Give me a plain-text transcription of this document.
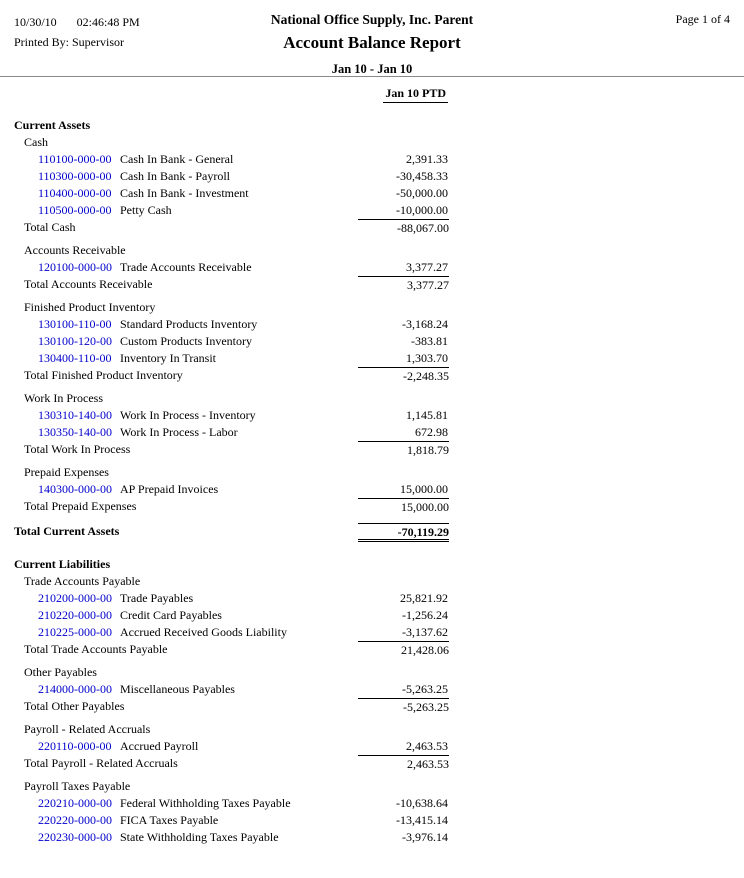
10/30/10 02:46:48 PM
Printed By: Supervisor
National Office Supply, Inc. Parent
Account Balance Report
Jan 10 - Jan 10
Page 1 of 4
Jan 10 PTD
Current Assets
Cash
110100-000-00 Cash In Bank - General	2,391.33
110300-000-00 Cash In Bank - Payroll	-30,458.33
110400-000-00 Cash In Bank - Investment	-50,000.00
110500-000-00 Petty Cash	-10,000.00
Total Cash	-88,067.00
Accounts Receivable
120100-000-00 Trade Accounts Receivable	3,377.27
Total Accounts Receivable	3,377.27
Finished Product Inventory
130100-110-00 Standard Products Inventory	-3,168.24
130100-120-00 Custom Products Inventory	-383.81
130400-110-00 Inventory In Transit	1,303.70
Total Finished Product Inventory	-2,248.35
Work In Process
130310-140-00 Work In Process - Inventory	1,145.81
130350-140-00 Work In Process - Labor	672.98
Total Work In Process	1,818.79
Prepaid Expenses
140300-000-00 AP Prepaid Invoices	15,000.00
Total Prepaid Expenses	15,000.00
Total Current Assets	-70,119.29
Current Liabilities
Trade Accounts Payable
210200-000-00 Trade Payables	25,821.92
210220-000-00 Credit Card Payables	-1,256.24
210225-000-00 Accrued Received Goods Liability	-3,137.62
Total Trade Accounts Payable	21,428.06
Other Payables
214000-000-00 Miscellaneous Payables	-5,263.25
Total Other Payables	-5,263.25
Payroll - Related Accruals
220110-000-00 Accrued Payroll	2,463.53
Total Payroll - Related Accruals	2,463.53
Payroll Taxes Payable
220210-000-00 Federal Withholding Taxes Payable	-10,638.64
220220-000-00 FICA Taxes Payable	-13,415.14
220230-000-00 State Withholding Taxes Payable	-3,976.14
